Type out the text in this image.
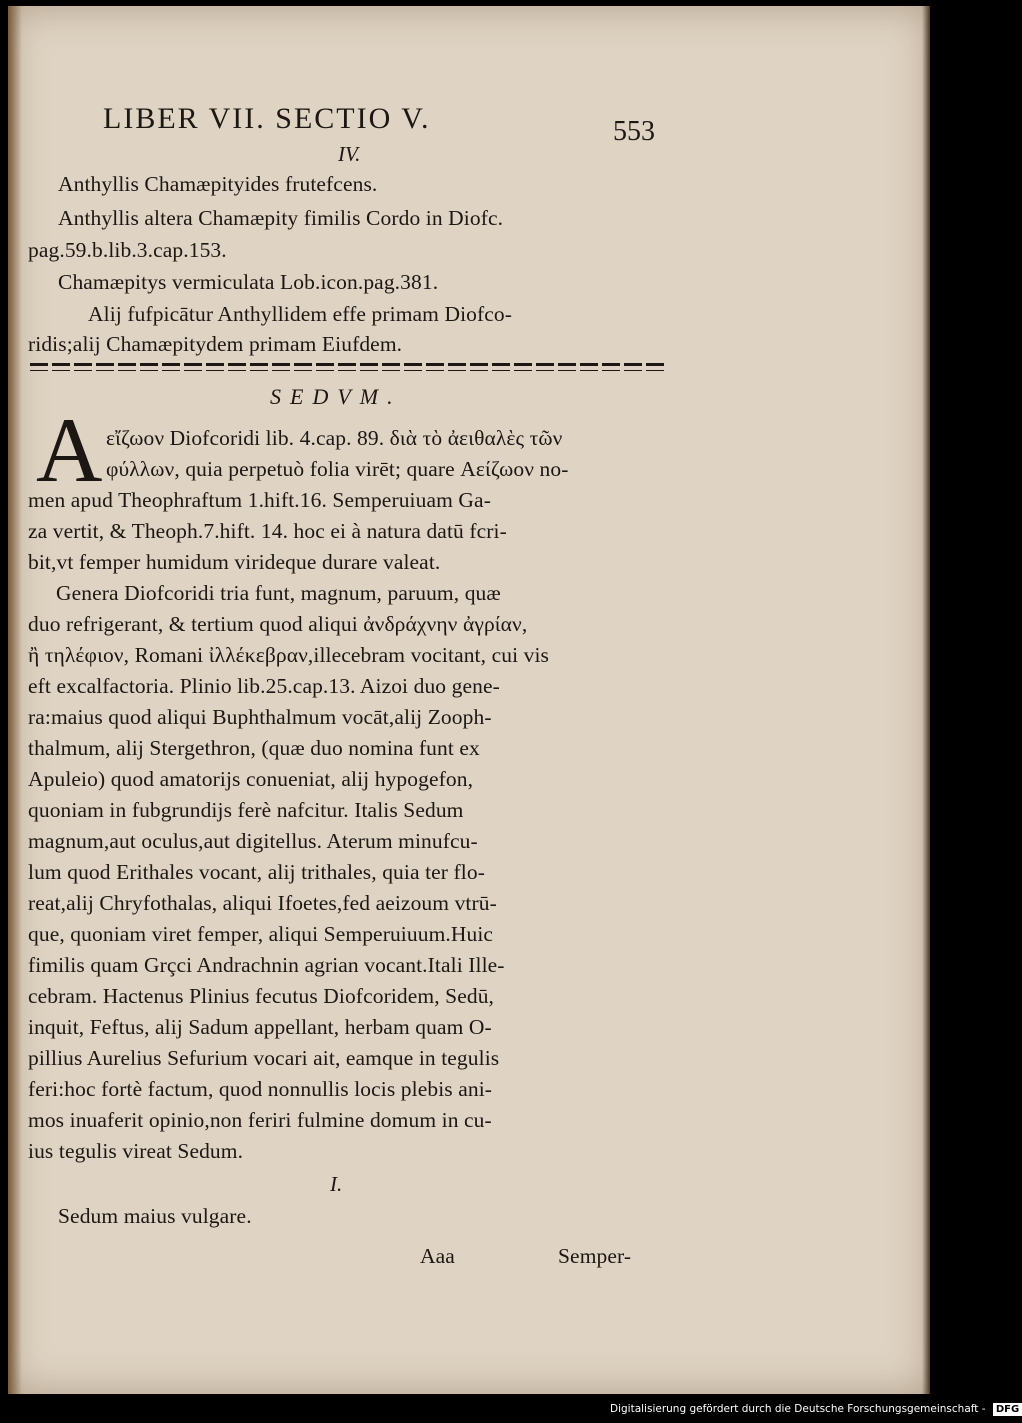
LIBER VII. SECTIO V.	553
IV.
Anthyllis Chamæpityides frutefcens.
Anthyllis altera Chamæpity fimilis Cordo in Diofc.
pag.59.b.lib.3.cap.153.
Chamæpitys vermiculata Lob.icon.pag.381.
Alij fufpicātur Anthyllidem effe primam Diofco-
ridis;alij Chamæpitydem primam Eiufdem.
SEDVM.
A εἴζωον Diofcoridi lib. 4.cap. 89. διὰ τὸ ἀειθαλὲς τῶν
φύλλων, quia perpetuò folia virēt; quare Αείζωον no-
men apud Theophraftum 1.hift.16. Semperuiuam Ga-
za vertit, & Theoph.7.hift. 14. hoc ei à natura datū fcri-
bit,vt femper humidum virideque durare valeat.
Genera Diofcoridi tria funt, magnum, paruum, quæ
duo refrigerant, & tertium quod aliqui ἀνδράχνην ἀγρίαν,
ἢ τηλέφιον, Romani ἰλλέκεβραν,illecebram vocitant, cui vis
eft excalfactoria. Plinio lib.25.cap.13. Aizoi duo gene-
ra:maius quod aliqui Buphthalmum vocāt,alij Zooph-
thalmum, alij Stergethron, (quæ duo nomina funt ex
Apuleio) quod amatorijs conueniat, alij hypogefon,
quoniam in fubgrundijs ferè nafcitur. Italis Sedum
magnum,aut oculus,aut digitellus. Aterum minufcu-
lum quod Erithales vocant, alij trithales, quia ter flo-
reat,alij Chryfothalas, aliqui Ifoetes,fed aeizoum vtrū-
que, quoniam viret femper, aliqui Semperuiuum.Huic
fimilis quam Grçci Andrachnin agrian vocant.Itali Ille-
cebram. Hactenus Plinius fecutus Diofcoridem, Sedū,
inquit, Feftus, alij Sadum appellant, herbam quam O-
pillius Aurelius Sefurium vocari ait, eamque in tegulis
feri:hoc fortè factum, quod nonnullis locis plebis ani-
mos inuaferit opinio,non feriri fulmine domum in cu-
ius tegulis vireat Sedum.
I.
Sedum maius vulgare.
Aaa	Semper-
Digitalisierung gefördert durch die Deutsche Forschungsgemeinschaft - DFG
